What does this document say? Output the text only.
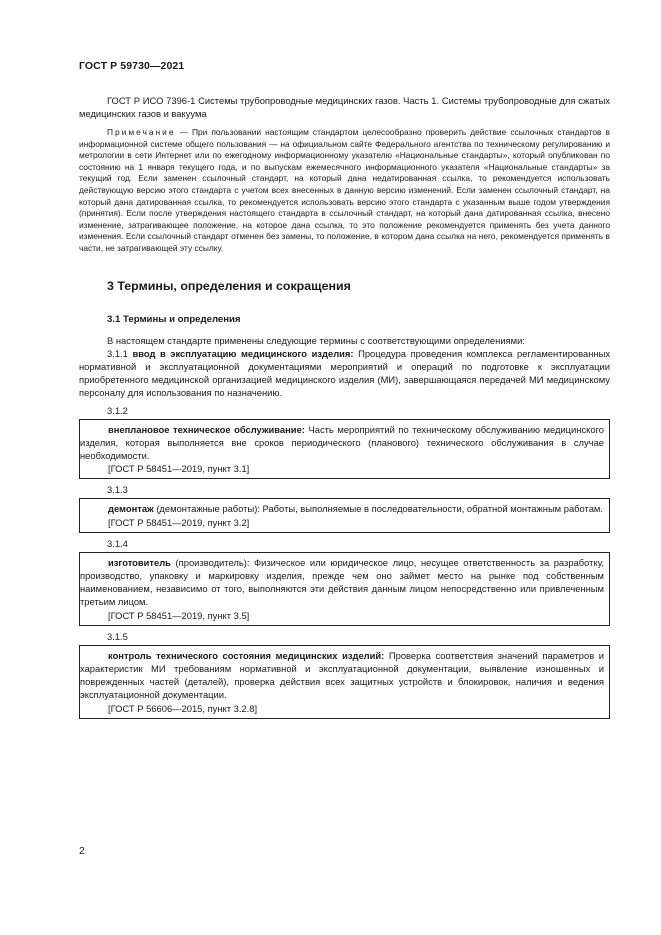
ГОСТ Р 59730—2021

ГОСТ Р ИСО 7396-1 Системы трубопроводные медицинских газов. Часть 1. Системы трубопроводные для сжатых медицинских газов и вакуума

Примечание — При пользовании настоящим стандартом целесообразно проверить действие ссылочных стандартов в информационной системе общего пользования — на официальном сайте Федерального агентства по техническому регулированию и метрологии в сети Интернет или по ежегодному информационному указателю «Национальные стандарты», который опубликован по состоянию на 1 января текущего года, и по выпускам ежемесячного информационного указателя «Национальные стандарты» за текущий год. Если заменен ссылочный стандарт, на который дана недатированная ссылка, то рекомендуется использовать действующую версию этого стандарта с учетом всех внесенных в данную версию изменений. Если заменен ссылочный стандарт, на который дана датированная ссылка, то рекомендуется использовать версию этого стандарта с указанным выше годом утверждения (принятия). Если после утверждения настоящего стандарта в ссылочный стандарт, на который дана датированная ссылка, внесено изменение, затрагивающее положение, на которое дана ссылка, то это положение рекомендуется применять без учета данного изменения. Если ссылочный стандарт отменен без замены, то положение, в котором дана ссылка на него, рекомендуется применять в части, не затрагивающей эту ссылку.

3 Термины, определения и сокращения
3.1 Термины и определения

В настоящем стандарте применены следующие термины с соответствующими определениями:

3.1.1 ввод в эксплуатацию медицинского изделия: Процедура проведения комплекса регламентированных нормативной и эксплуатационной документациями мероприятий и операций по подготовке к эксплуатации приобретенного медицинской организацией медицинского изделия (МИ), завершающаяся передачей МИ медицинскому персоналу для использования по назначению.

3.1.2

внеплановое техническое обслуживание: Часть мероприятий по техническому обслуживанию медицинского изделия, которая выполняется вне сроков периодического (планового) технического обслуживания в случае необходимости.

[ГОСТ Р 58451—2019, пункт 3.1]

3.1.3

демонтаж (демонтажные работы): Работы, выполняемые в последовательности, обратной монтажным работам.

[ГОСТ Р 58451—2019, пункт 3.2]

3.1.4

изготовитель (производитель): Физическое или юридическое лицо, несущее ответственность за разработку, производство, упаковку и маркировку изделия, прежде чем оно займет место на рынке под собственным наименованием, независимо от того, выполняются эти действия данным лицом непосредственно или привлеченным третьим лицом.

[ГОСТ Р 58451—2019, пункт 3.5]

3.1.5

контроль технического состояния медицинских изделий: Проверка соответствия значений параметров и характеристик МИ требованиям нормативной и эксплуатационной документации, выявление изношенных и поврежденных частей (деталей), проверка действия всех защитных устройств и блокировок, наличия и ведения эксплуатационной документации.

[ГОСТ Р 56606—2015, пункт 3.2.8]

2
